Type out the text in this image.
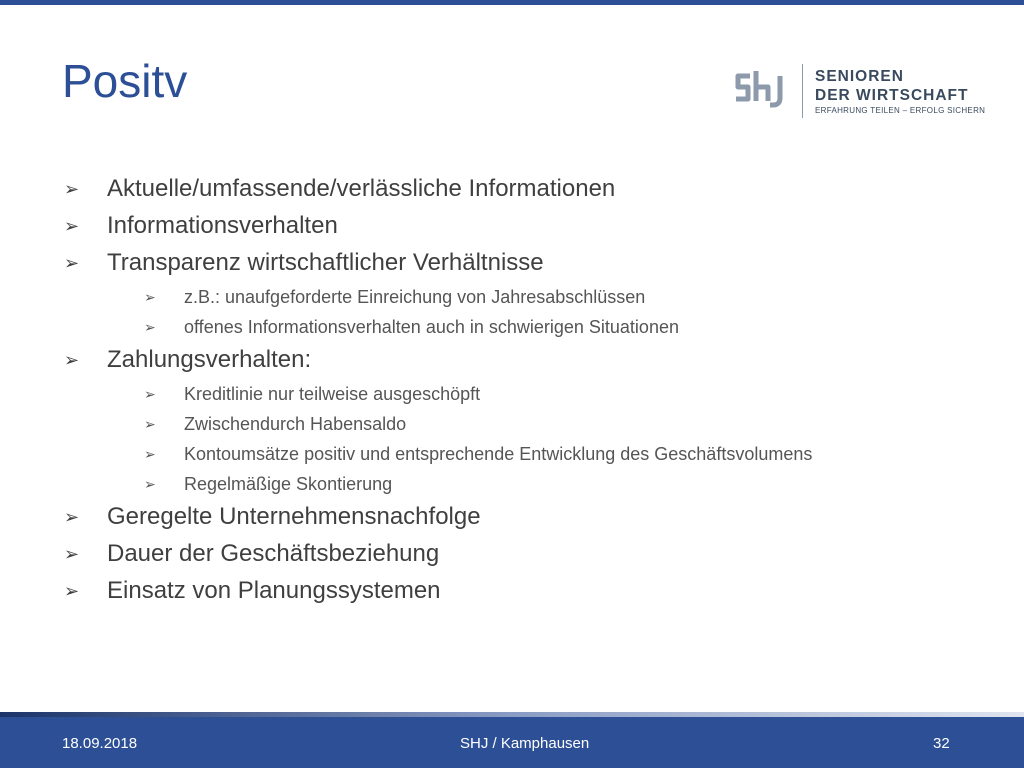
Positv	SENIOREN
DER WIRTSCHAFT
ERFAHRUNG TEILEN – ERFOLG SICHERN
➢ Aktuelle/umfassende/verlässliche Informationen
➢ Informationsverhalten
➢ Transparenz wirtschaftlicher Verhältnisse
➢ z.B.: unaufgeforderte Einreichung von Jahresabschlüssen
➢ offenes Informationsverhalten auch in schwierigen Situationen
➢ Zahlungsverhalten:
➢ Kreditlinie nur teilweise ausgeschöpft
➢ Zwischendurch Habensaldo
➢ Kontoumsätze positiv und entsprechende Entwicklung des Geschäftsvolumens
➢ Regelmäßige Skontierung
➢ Geregelte Unternehmensnachfolge
➢ Dauer der Geschäftsbeziehung
➢ Einsatz von Planungssystemen
18.09.2018	SHJ / Kamphausen	32
